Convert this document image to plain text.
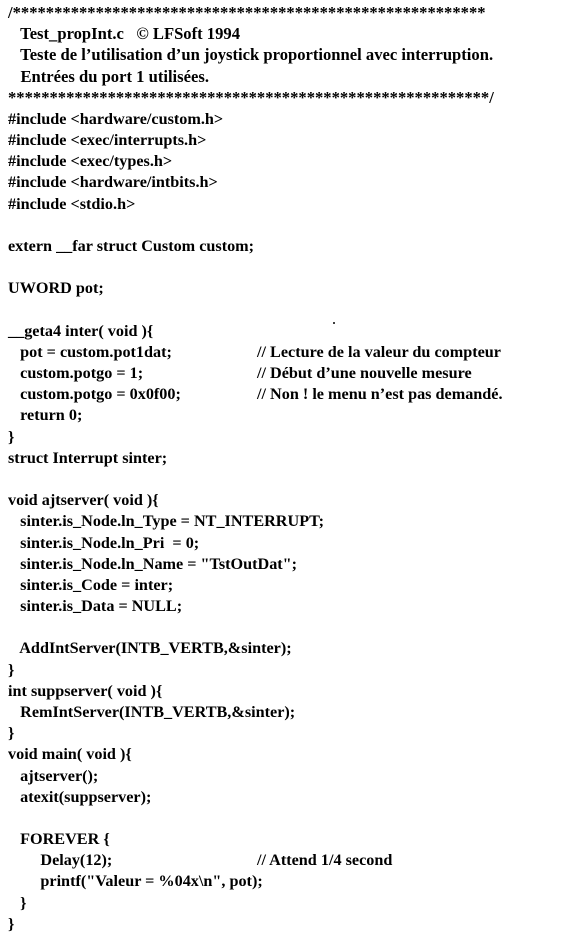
/*********************************************************
Test_propInt.c   © LFSoft 1994
Teste de l’utilisation d’un joystick proportionnel avec interruption.
Entrées du port 1 utilisées.
**********************************************************/
#include <hardware/custom.h>
#include <exec/interrupts.h>
#include <exec/types.h>
#include <hardware/intbits.h>
#include <stdio.h>
extern __far struct Custom custom;
UWORD pot;
__geta4 inter( void ){
pot = custom.pot1dat;	// Lecture de la valeur du compteur
custom.potgo = 1;	// Début d’une nouvelle mesure
custom.potgo = 0x0f00;	// Non ! le menu n’est pas demandé.
return 0;
}
struct Interrupt sinter;
void ajtserver( void ){
sinter.is_Node.ln_Type = NT_INTERRUPT;
sinter.is_Node.ln_Pri  = 0;
sinter.is_Node.ln_Name = "TstOutDat";
sinter.is_Code = inter;
sinter.is_Data = NULL;
AddIntServer(INTB_VERTB,&sinter);
}
int suppserver( void ){
RemIntServer(INTB_VERTB,&sinter);
}
void main( void ){
ajtserver();
atexit(suppserver);
FOREVER {
Delay(12);	// Attend 1/4 second
printf("Valeur = %04x\n", pot);
}
}
